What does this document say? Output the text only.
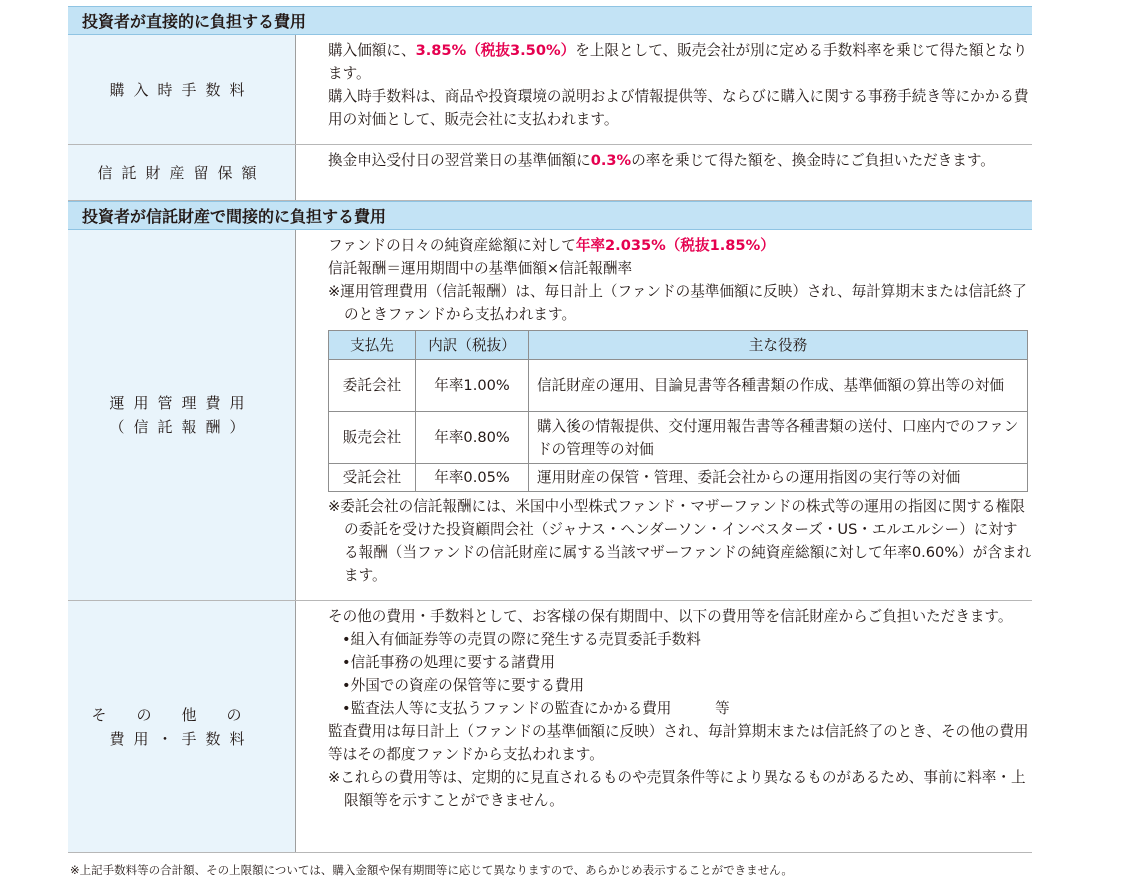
投資者が直接的に負担する費用
購入時手数料

購入価額に、3.85%（税抜3.50%）を上限として、販売会社が別に定める手数料率を乗じて得た額となります。

購入時手数料は、商品や投資環境の説明および情報提供等、ならびに購入に関する事務手続き等にかかる費用の対価として、販売会社に支払われます。

信託財産留保額

換金申込受付日の翌営業日の基準価額に0.3%の率を乗じて得た額を、換金時にご負担いただきます。

投資者が信託財産で間接的に負担する費用
運用管理費用
（信託報酬）

ファンドの日々の純資産総額に対して年率2.035%（税抜1.85%）

信託報酬＝運用期間中の基準価額×信託報酬率

※運用管理費用（信託報酬）は、毎日計上（ファンドの基準価額に反映）され、毎計算期末または信託終了のときファンドから支払われます。

支払先	内訳（税抜）	主な役務
委託会社	年率1.00%	信託財産の運用、目論見書等各種書類の作成、基準価額の算出等の対価
販売会社	年率0.80%	購入後の情報提供、交付運用報告書等各種書類の送付、口座内でのファンドの管理等の対価
受託会社	年率0.05%	運用財産の保管・管理、委託会社からの運用指図の実行等の対価

※委託会社の信託報酬には、米国中小型株式ファンド・マザーファンドの株式等の運用の指図に関する権限の委託を受けた投資顧問会社（ジャナス・ヘンダーソン・インベスターズ・US・エルエルシー）に対する報酬（当ファンドの信託財産に属する当該マザーファンドの純資産総額に対して年率0.60%）が含まれます。

その他の
費用・手数料

その他の費用・手数料として、お客様の保有期間中、以下の費用等を信託財産からご負担いただきます。

•組入有価証券等の売買の際に発生する売買委託手数料

•信託事務の処理に要する諸費用

•外国での資産の保管等に要する費用

•監査法人等に支払うファンドの監査にかかる費用　　　等

監査費用は毎日計上（ファンドの基準価額に反映）され、毎計算期末または信託終了のとき、その他の費用等はその都度ファンドから支払われます。

※これらの費用等は、定期的に見直されるものや売買条件等により異なるものがあるため、事前に料率・上限額等を示すことができません。

※上記手数料等の合計額、その上限額については、購入金額や保有期間等に応じて異なりますので、あらかじめ表示することができません。
